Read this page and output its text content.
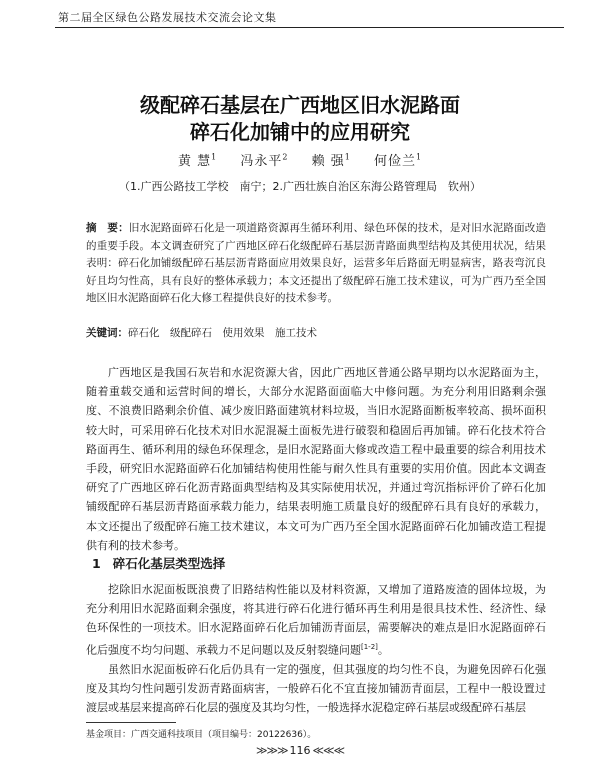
第二届全区绿色公路发展技术交流会论文集
级配碎石基层在广西地区旧水泥路面
碎石化加铺中的应用研究
黄 慧$^1$ 冯永平$^2$ 赖 强$^1$ 何俭兰$^1$
（1.广西公路技工学校　南宁；2.广西壮族自治区东海公路管理局　钦州）
摘　要：旧水泥路面碎石化是一项道路资源再生循环利用、绿色环保的技术，是对旧水泥路面改造的重要手段。本文调查研究了广西地区碎石化级配碎石基层沥青路面典型结构及其使用状况，结果表明：碎石化加铺级配碎石基层沥青路面应用效果良好，运营多年后路面无明显病害，路表弯沉良好且均匀性高，具有良好的整体承载力；本文还提出了级配碎石施工技术建议，可为广西乃至全国地区旧水泥路面碎石化大修工程提供良好的技术参考。
关键词：碎石化　级配碎石　使用效果　施工技术

广西地区是我国石灰岩和水泥资源大省，因此广西地区普通公路早期均以水泥路面为主，随着重载交通和运营时间的增长，大部分水泥路面面临大中修问题。为充分利用旧路剩余强度、不浪费旧路剩余价值、减少废旧路面建筑材料垃圾，当旧水泥路面断板率较高、损坏面积较大时，可采用碎石化技术对旧水泥混凝土面板先进行破裂和稳固后再加铺。碎石化技术符合路面再生、循环利用的绿色环保理念，是旧水泥路面大修或改造工程中最重要的综合利用技术手段，研究旧水泥路面碎石化加铺结构使用性能与耐久性具有重要的实用价值。因此本文调查研究了广西地区碎石化沥青路面典型结构及其实际使用状况，并通过弯沉指标评价了碎石化加铺级配碎石基层沥青路面承载力能力，结果表明施工质量良好的级配碎石具有良好的承载力，本文还提出了级配碎石施工技术建议，本文可为广西乃至全国水泥路面碎石化加铺改造工程提供有利的技术参考。

1 碎石化基层类型选择

挖除旧水泥面板既浪费了旧路结构性能以及材料资源，又增加了道路废渣的固体垃圾，为充分利用旧水泥路面剩余强度，将其进行碎石化进行循环再生利用是很具技术性、经济性、绿色环保性的一项技术。旧水泥路面碎石化后加铺沥青面层，需要解决的难点是旧水泥路面碎石化后强度不均匀问题、承载力不足问题以及反射裂缝问题[1-2]。

虽然旧水泥面板碎石化后仍具有一定的强度，但其强度的均匀性不良，为避免因碎石化强度及其均匀性问题引发沥青路面病害，一般碎石化不宜直接加铺沥青面层，工程中一般设置过渡层或基层来提高碎石化层的强度及其均匀性，一般选择水泥稳定碎石基层或级配碎石基层

基金项目：广西交通科技项目（项目编号：20122636）。
≫≫≫ 116 ≪≪≪
